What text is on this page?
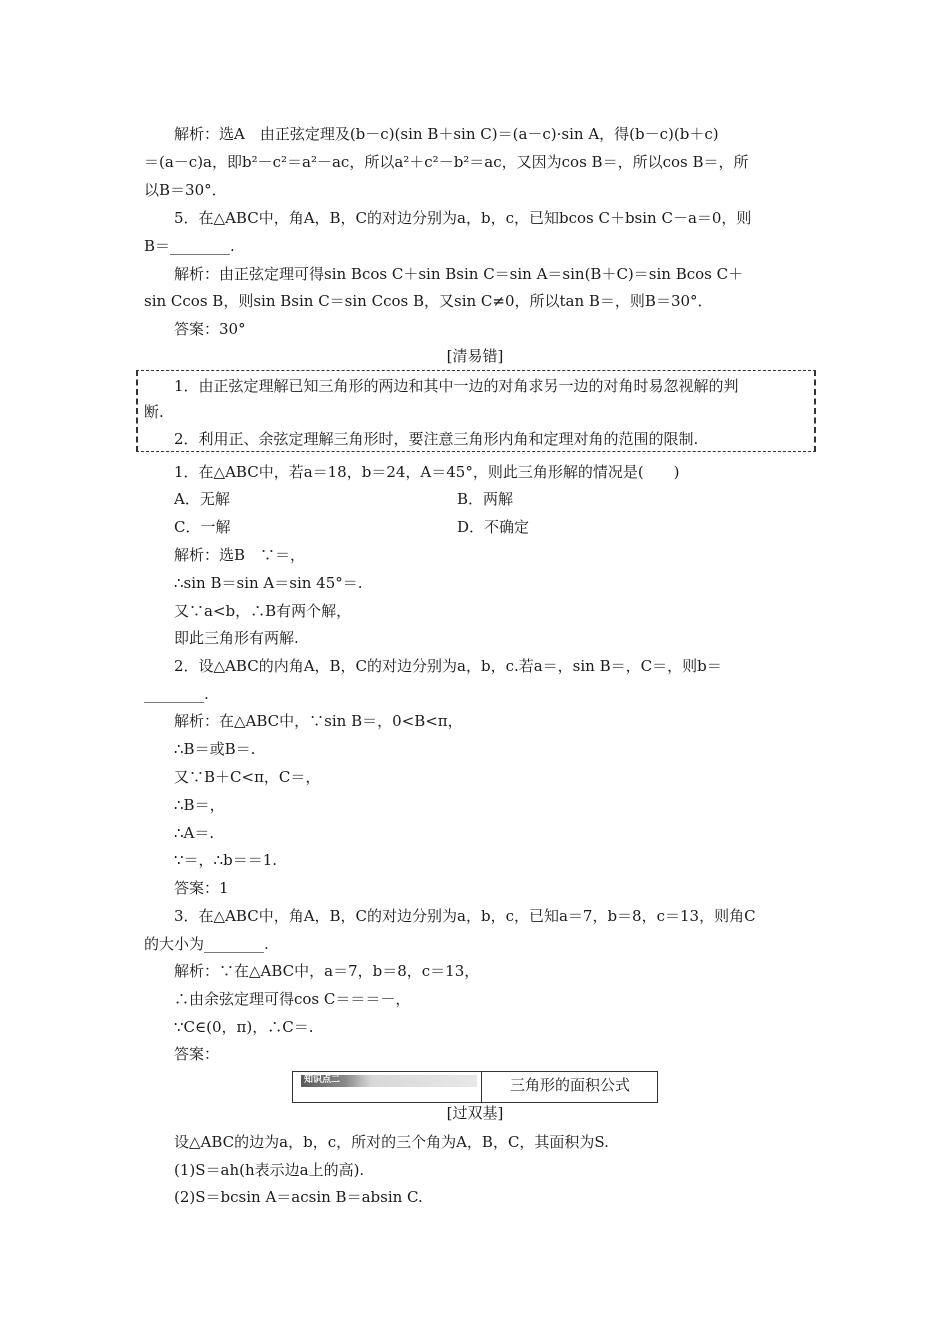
解析：选A　由正弦定理及(b－c)(sin B＋sin C)＝(a－c)·sin A，得(b－c)(b＋c)
＝(a－c)a，即b²－c²＝a²－ac，所以a²＋c²－b²＝ac，又因为cos B＝，所以cos B＝，所
以B＝30°．
5．在△ABC中，角A，B，C的对边分别为a，b，c，已知bcos C＋bsin C－a＝0，则
B＝________.
解析：由正弦定理可得sin Bcos C＋sin Bsin C＝sin A＝sin(B＋C)＝sin Bcos C＋
sin Ccos B，则sin Bsin C＝sin Ccos B，又sin C≠0，所以tan B＝，则B＝30°．
答案：30°
[清易错]
1．由正弦定理解已知三角形的两边和其中一边的对角求另一边的对角时易忽视解的判
断.
2．利用正、余弦定理解三角形时，要注意三角形内角和定理对角的范围的限制.
1．在△ABC中，若a＝18，b＝24，A＝45°，则此三角形解的情况是(　　)
A．无解	B．两解
C．一解	D．不确定
解析：选B　∵＝，
∴sin B＝sin A＝sin 45°＝.
又∵a<b，∴B有两个解，
即此三角形有两解.
2．设△ABC的内角A，B，C的对边分别为a，b，c.若a＝，sin B＝，C＝，则b＝
________.
解析：在△ABC中，∵sin B＝，0<B<π，
∴B＝或B＝.
又∵B＋C<π，C＝，
∴B＝，
∴A＝.
∵＝，∴b＝＝1.
答案：1
3．在△ABC中，角A，B，C的对边分别为a，b，c，已知a＝7，b＝8，c＝13，则角C
的大小为________.
解析：∵在△ABC中，a＝7，b＝8，c＝13，
∴由余弦定理可得cos C＝＝＝－，
∵C∈(0，π)，∴C＝.
答案：
知识点二	三角形的面积公式
[过双基]
设△ABC的边为a，b，c，所对的三个角为A，B，C，其面积为S.
(1)S＝ah(h表示边a上的高).
(2)S＝bcsin A＝acsin B＝absin C.
